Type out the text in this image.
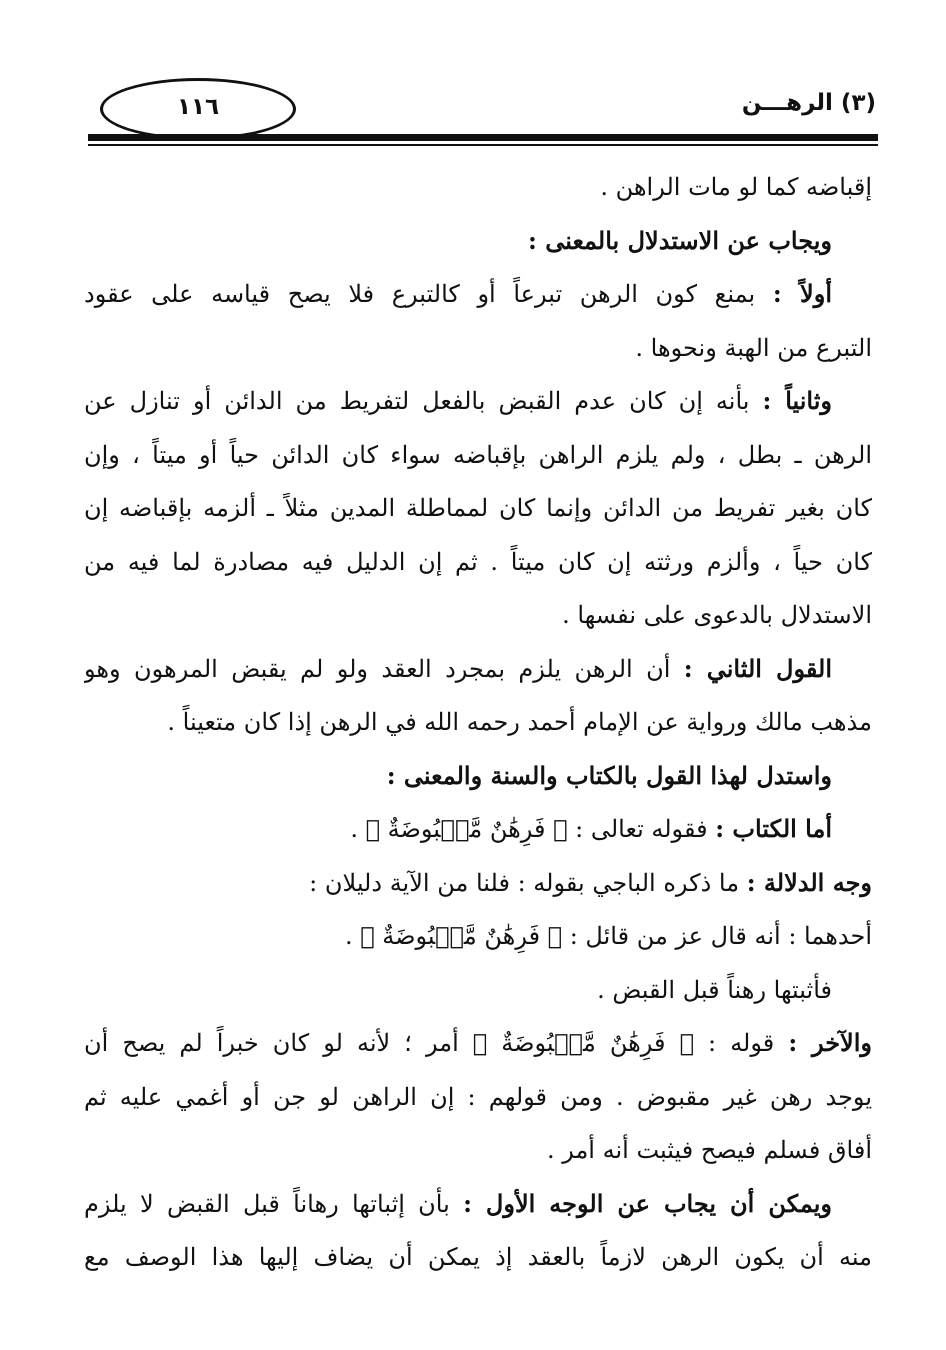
١١٦	(٣) الرهـــن
إقباضه كما لو مات الراهن .
ويجاب عن الاستدلال بالمعنى :
أولاً : بمنع كون الرهن تبرعاً أو كالتبرع فلا يصح قياسه على عقود
التبرع من الهبة ونحوها .
وثانياً : بأنه إن كان عدم القبض بالفعل لتفريط من الدائن أو تنازل عن
الرهن ـ بطل ، ولم يلزم الراهن بإقباضه سواء كان الدائن حياً أو ميتاً ، وإن
كان بغير تفريط من الدائن وإنما كان لمماطلة المدين مثلاً ـ ألزمه بإقباضه إن
كان حياً ، وألزم ورثته إن كان ميتاً . ثم إن الدليل فيه مصادرة لما فيه من
الاستدلال بالدعوى على نفسها .
القول الثاني : أن الرهن يلزم بمجرد العقد ولو لم يقبض المرهون وهو
مذهب مالك ورواية عن الإمام أحمد رحمه الله في الرهن إذا كان متعيناً .
واستدل لهذا القول بالكتاب والسنة والمعنى :
أما الكتاب : فقوله تعالى : ﴿ فَرِهَٰنٌ مَّقۡبُوضَةٌ ﴾ .
وجه الدلالة : ما ذكره الباجي بقوله : فلنا من الآية دليلان :
أحدهما : أنه قال عز من قائل : ﴿ فَرِهَٰنٌ مَّقۡبُوضَةٌ ﴾ .
فأثبتها رهناً قبل القبض .
والآخر : قوله : ﴿ فَرِهَٰنٌ مَّقۡبُوضَةٌ ﴾ أمر ؛ لأنه لو كان خبراً لم يصح أن
يوجد رهن غير مقبوض . ومن قولهم : إن الراهن لو جن أو أغمي عليه ثم
أفاق فسلم فيصح فيثبت أنه أمر .
ويمكن أن يجاب عن الوجه الأول : بأن إثباتها رهاناً قبل القبض لا يلزم
منه أن يكون الرهن لازماً بالعقد إذ يمكن أن يضاف إليها هذا الوصف مع
